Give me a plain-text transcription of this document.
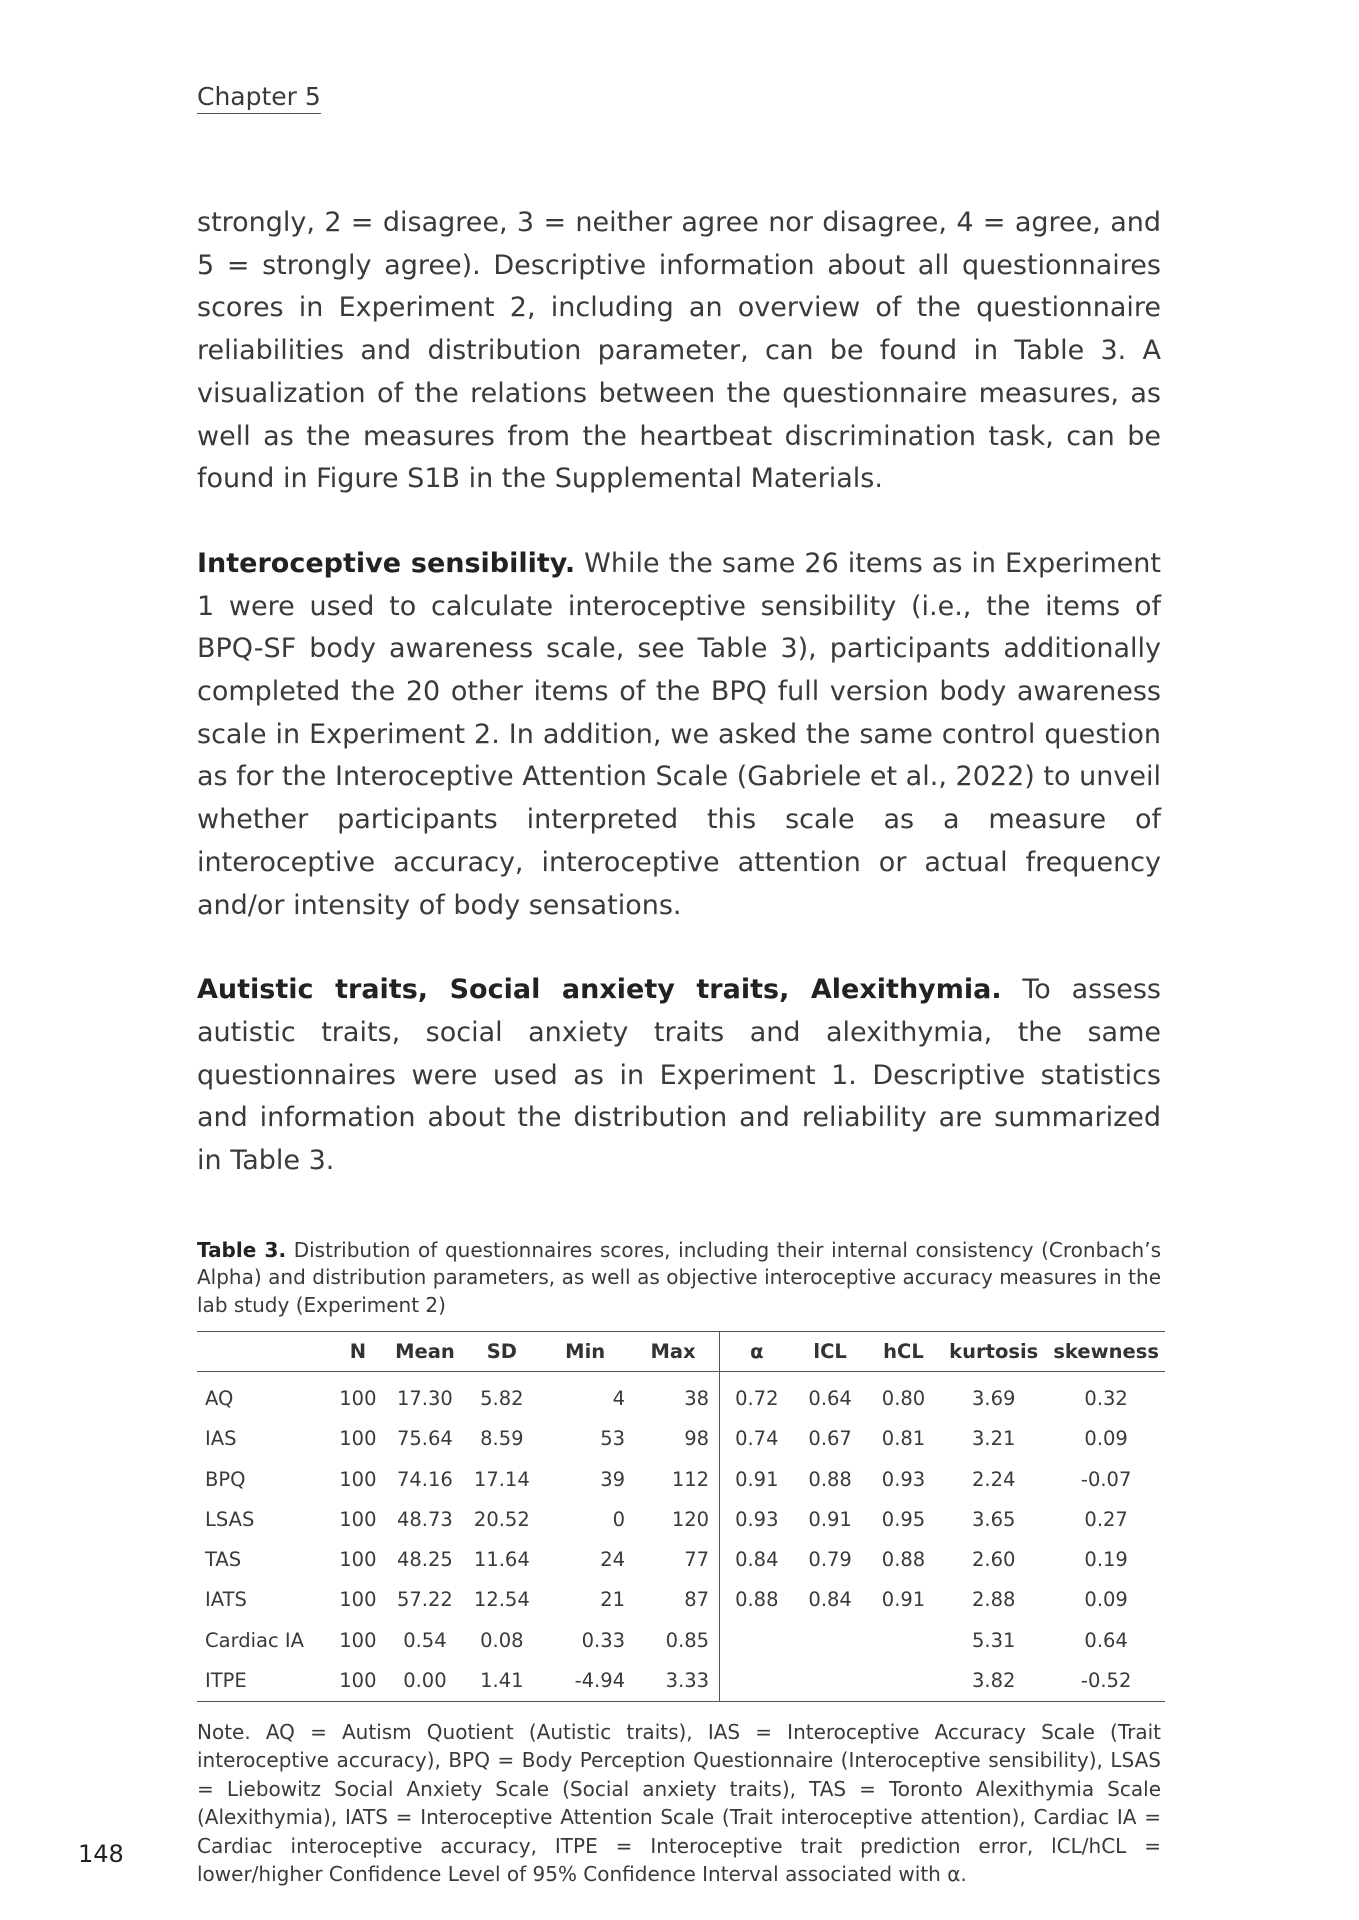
Chapter 5

strongly, 2 = disagree, 3 = neither agree nor disagree, 4 = agree, and 5 = strongly agree). Descriptive information about all questionnaires scores in Experiment 2, including an overview of the questionnaire reliabilities and distribution parameter, can be found in Table 3. A visualization of the relations between the questionnaire measures, as well as the measures from the heartbeat discrimination task, can be found in Figure S1B in the Supplemental Materials.

Interoceptive sensibility. While the same 26 items as in Experiment 1 were used to calculate interoceptive sensibility (i.e., the items of BPQ-SF body awareness scale, see Table 3), participants additionally completed the 20 other items of the BPQ full version body awareness scale in Experiment 2. In addition, we asked the same control question as for the Interoceptive Attention Scale (Gabriele et al., 2022) to unveil whether participants interpreted this scale as a measure of interoceptive accuracy, interoceptive attention or actual frequency and/or intensity of body sensations.

Autistic traits, Social anxiety traits, Alexithymia. To assess autistic traits, social anxiety traits and alexithymia, the same questionnaires were used as in Experiment 1. Descriptive statistics and information about the distribution and reliability are summarized in Table 3.

Table 3. Distribution of questionnaires scores, including their internal consistency (Cronbach’s Alpha) and distribution parameters, as well as objective interoceptive accuracy measures in the lab study (Experiment 2)
	N	Mean	SD	Min	Max	α	lCL	hCL	kurtosis	skewness
AQ	100	17.30	5.82	4	38	0.72	0.64	0.80	3.69	0.32
IAS	100	75.64	8.59	53	98	0.74	0.67	0.81	3.21	0.09
BPQ	100	74.16	17.14	39	112	0.91	0.88	0.93	2.24	-0.07
LSAS	100	48.73	20.52	0	120	0.93	0.91	0.95	3.65	0.27
TAS	100	48.25	11.64	24	77	0.84	0.79	0.88	2.60	0.19
IATS	100	57.22	12.54	21	87	0.88	0.84	0.91	2.88	0.09
Cardiac IA	100	0.54	0.08	0.33	0.85				5.31	0.64
ITPE	100	0.00	1.41	-4.94	3.33				3.82	-0.52
Note. AQ = Autism Quotient (Autistic traits), IAS = Interoceptive Accuracy Scale (Trait interoceptive accuracy), BPQ = Body Perception Questionnaire (Interoceptive sensibility), LSAS = Liebowitz Social Anxiety Scale (Social anxiety traits), TAS = Toronto Alexithymia Scale (Alexithymia), IATS = Interoceptive Attention Scale (Trait interoceptive attention), Cardiac IA = Cardiac interoceptive accuracy, ITPE = Interoceptive trait prediction error, lCL/hCL = lower/higher Confidence Level of 95% Confidence Interval associated with α.
148
